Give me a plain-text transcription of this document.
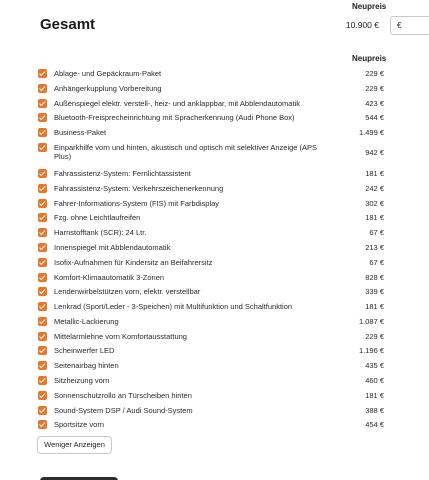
Gesamt
Neupreis
10.900 €	€
Neupreis
Ablage- und Gepäckraum-Paket	229 €
Anhängerkupplung Vorbereitung	229 €
Außenspiegel elektr. verstell-, heiz- und anklappbar, mit Abblendautomatik	423 €
Bluetooth-Freisprecheinrichtung mit Spracherkennung (Audi Phone Box)	544 €
Business-Paket	1.499 €
Einparkhilfe vorn und hinten, akustisch und optisch mit selektiver Anzeige (APS Plus)	942 €
Fahrassistenz-System: Fernlichtassistent	181 €
Fahrassistenz-System: Verkehrszeichenerkennung	242 €
Fahrer-Informations-System (FIS) mit Farbdisplay	302 €
Fzg. ohne Leichtlaufreifen	181 €
Harnstofftank (SCR): 24 Ltr.	67 €
Innenspiegel mit Abblendautomatik	213 €
Isofix-Aufnahmen für Kindersitz an Beifahrersitz	67 €
Komfort-Klimaautomatik 3-Zonen	828 €
Lendenwirbelstützen vorn, elektr. verstellbar	339 €
Lenkrad (Sport/Leder - 3-Speichen) mit Multifunktion und Schaltfunktion	181 €
Metallic-Lackierung	1.087 €
Mittelarmlehne vorn Komfortausstattung	229 €
Scheinwerfer LED	1.196 €
Seitenairbag hinten	435 €
Sitzheizung vorn	460 €
Sonnenschutzrollo an Türscheiben hinten	181 €
Sound-System DSP / Audi Sound-System	388 €
Sportsitze vorn	454 €
Weniger Anzeigen
